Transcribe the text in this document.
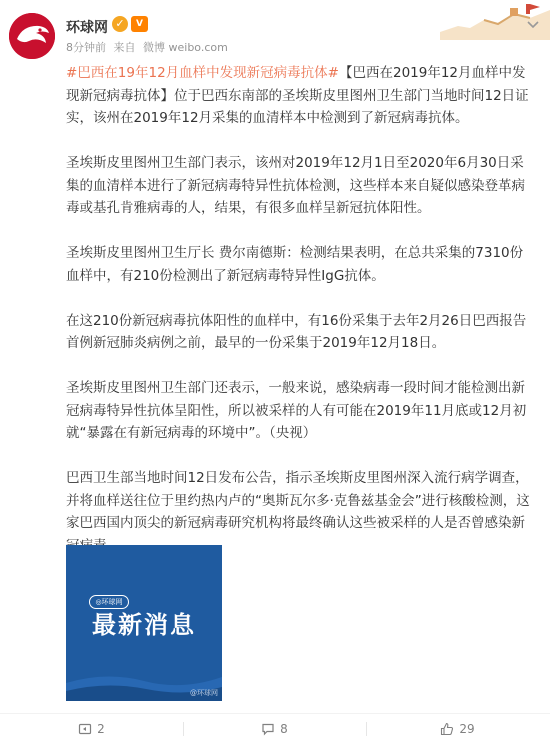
环球网 ✓	V
8分钟前 来自 微博 weibo.com

#巴西在19年12月血样中发现新冠病毒抗体#【巴西在2019年12月血样中发现新冠病毒抗体】位于巴西东南部的圣埃斯皮里图州卫生部门当地时间12日证实，该州在2019年12月采集的血清样本中检测到了新冠病毒抗体。

圣埃斯皮里图州卫生部门表示，该州对2019年12月1日至2020年6月30日采集的血清样本进行了新冠病毒特异性抗体检测，这些样本来自疑似感染登革病毒或基孔肯雅病毒的人，结果，有很多血样呈新冠抗体阳性。

圣埃斯皮里图州卫生厅长 费尔南德斯：检测结果表明，在总共采集的7310份血样中，有210份检测出了新冠病毒特异性IgG抗体。

在这210份新冠病毒抗体阳性的血样中，有16份采集于去年2月26日巴西报告首例新冠肺炎病例之前，最早的一份采集于2019年12月18日。

圣埃斯皮里图州卫生部门还表示，一般来说，感染病毒一段时间才能检测出新冠病毒特异性抗体呈阳性，所以被采样的人有可能在2019年11月底或12月初就“暴露在有新冠病毒的环境中”。（央视）

巴西卫生部当地时间12日发布公告，指示圣埃斯皮里图州深入流行病学调查，并将血样送往位于里约热内卢的“奥斯瓦尔多·克鲁兹基金会”进行核酸检测，这家巴西国内顶尖的新冠病毒研究机构将最终确认这些被采样的人是否曾感染新

◎环球网
最新消息
@环球网
2	8	29
